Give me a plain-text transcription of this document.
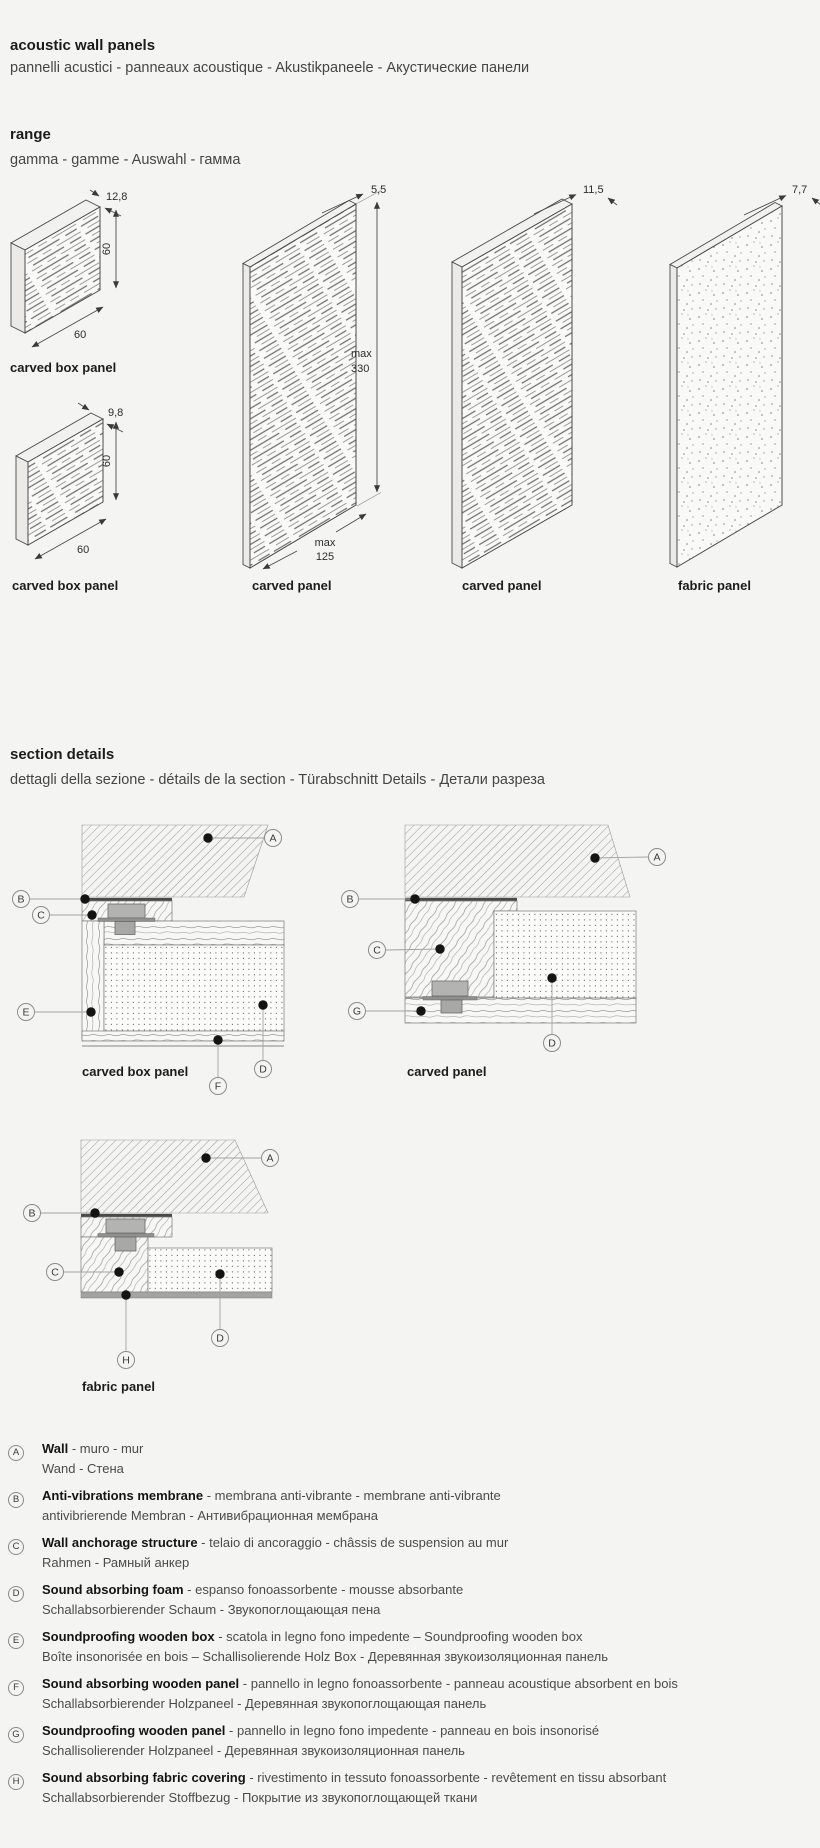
acoustic wall panels
pannelli acustici - panneaux acoustique - Akustikpaneele - Акустические панели
range
gamma - gamme - Auswahl - гамма
12,8
60
60
9,8
60
60
5,5
max
330
max
125
11,5	7,7
carved box panel
carved box panel	carved panel	carved panel	fabric panel
section details
dettagli della sezione - détails de la section - Türabschnitt Details - Детали разреза
A
B
C
E
D
F
A
B
C
G
D
A
B
C
D
H
carved box panel	carved panel
fabric panel
A	Wall - muro - mur
Wand - Стена
B	Anti-vibrations membrane - membrana anti-vibrante - membrane anti-vibrante
antivibrierende Membran - Антивибрационная мембрана
C	Wall anchorage structure - telaio di ancoraggio - châssis de suspension au mur
Rahmen - Рамный анкер
D	Sound absorbing foam - espanso fonoassorbente - mousse absorbante
Schallabsorbierender Schaum - Звукопоглощающая пена
E	Soundproofing wooden box - scatola in legno fono impedente – Soundproofing wooden box
Boîte insonorisée en bois – Schallisolierende Holz Box - Деревянная звукоизоляционная панель
F	Sound absorbing wooden panel - pannello in legno fonoassorbente - panneau acoustique absorbent en bois
Schallabsorbierender Holzpaneel - Деревянная звукопоглощающая панель
G	Soundproofing wooden panel - pannello in legno fono impedente - panneau en bois insonorisé
Schallisolierender Holzpaneel - Деревянная звукоизоляционная панель
H	Sound absorbing fabric covering - rivestimento in tessuto fonoassorbente - revêtement en tissu absorbant
Schallabsorbierender Stoffbezug - Покрытие из звукопоглощающей ткани
